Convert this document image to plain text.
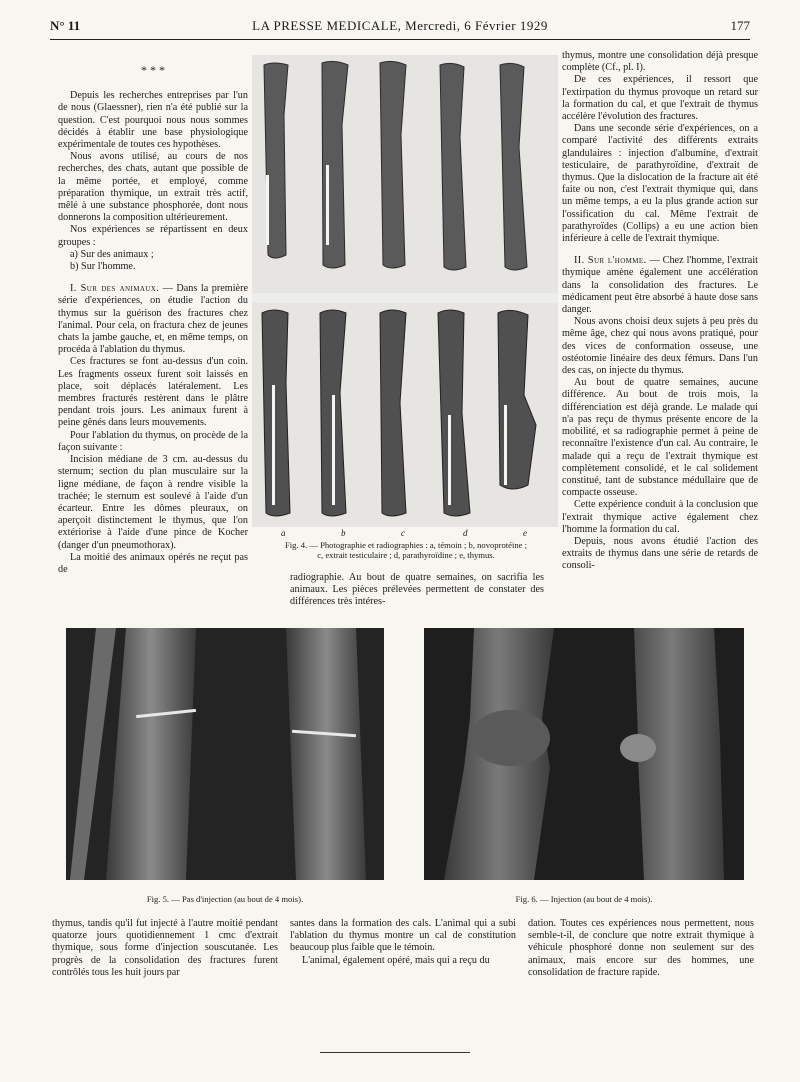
N° 11	LA PRESSE MEDICALE, Mercredi, 6 Février 1929	177
* * *

Depuis les recherches entreprises par l'un de nous (Glaessner), rien n'a été publié sur la question. C'est pourquoi nous nous sommes décidés à établir une base physiologique expérimentale de toutes ces hypothèses.

Nous avons utilisé, au cours de nos recherches, des chats, autant que possible de la même portée, et employé, comme préparation thymique, un extrait très actif, mêlé à une substance phosphorée, dont nous donnerons la composition ultérieurement.

Nos expériences se répartissent en deux groupes :

a) Sur des animaux ;

b) Sur l'homme.

I. Sur des animaux. — Dans la première série d'expériences, on étudie l'action du thymus sur la guérison des fractures chez l'animal. Pour cela, on fractura chez de jeunes chats la jambe gauche, et, en même temps, on procéda à l'ablation du thymus.

Ces fractures se font au-dessus d'un coin. Les fragments osseux furent soit laissés en place, soit déplacés latéralement. Les membres fracturés restèrent dans le plâtre pendant trois jours. Les animaux furent à peine gênés dans leurs mouvements.

Pour l'ablation du thymus, on procède de la façon suivante :

Incision médiane de 3 cm. au-dessus du sternum; section du plan musculaire sur la ligne médiane, de façon à rendre visible la trachée; le sternum est soulevé à l'aide d'un écarteur. Entre les dômes pleuraux, on aperçoit distinctement le thymus, que l'on extériorise à l'aide d'une pince de Kocher (danger d'un pneumothorax).

La moitié des animaux opérés ne reçut pas de

a	b	c	d	e
Fig. 4. — Photographie et radiographies : a, témoin ; b, novoprotéine ;
c, extrait testiculaire ; d, parathyroïdine ; e, thymus.

radiographie. Au bout de quatre semaines, on sacrifia les animaux. Les pièces prélevées permettent de constater des différences très intéres-

thymus, montre une consolidation déjà presque complète (Cf., pl. I).

De ces expériences, il ressort que l'extirpation du thymus provoque un retard sur la formation du cal, et que l'extrait de thymus accélère l'évolution des fractures.

Dans une seconde série d'expériences, on a comparé l'activité des différents extraits glandulaires : injection d'albumine, d'extrait testiculaire, de parathyroïdine, d'extrait de thymus. Que la dislocation de la fracture ait été faite ou non, c'est l'extrait thymique qui, dans un même temps, a eu la plus grande action sur l'ossification du cal. Même l'extrait de parathyroïdes (Collips) a eu une action bien inférieure à celle de l'extrait thymique.

II. Sur l'homme. — Chez l'homme, l'extrait thymique amène également une accélération dans la consolidation des fractures. Le médicament peut être absorbé à haute dose sans danger.

Nous avons choisi deux sujets à peu près du même âge, chez qui nous avons pratiqué, pour des vices de conformation osseuse, une ostéotomie linéaire des deux fémurs. Dans l'un des cas, on injecte du thymus.

Au bout de quatre semaines, aucune différence. Au bout de trois mois, la différenciation est déjà grande. Le malade qui n'a pas reçu de thymus présente encore de la mobilité, et sa radiographie permet à peine de reconnaître l'existence d'un cal. Au contraire, le malade qui a reçu de l'extrait thymique est complètement consolidé, et le cal solidement constitué, tant de substance médullaire que de compacte osseuse.

Cette expérience conduit à la conclusion que l'extrait thymique active également chez l'homme la formation du cal.

Depuis, nous avons étudié l'action des extraits de thymus dans une série de retards de consoli-

Fig. 5. — Pas d'injection (au bout de 4 mois).	Fig. 6. — Injection (au bout de 4 mois).

thymus, tandis qu'il fut injecté à l'autre moitié pendant quatorze jours quotidiennement 1 cmc d'extrait thymique, sous forme d'injection souscutanée. Les progrès de la consolidation des fractures furent contrôlés tous les huit jours par

santes dans la formation des cals. L'animal qui a subi l'ablation du thymus montre un cal de constitution beaucoup plus faible que le témoin.

L'animal, également opéré, mais qui a reçu du

dation. Toutes ces expériences nous permettent, nous semble-t-il, de conclure que notre extrait thymique à véhicule phosphoré donne non seulement sur des animaux, mais encore sur des hommes, une consolidation de fracture rapide.
